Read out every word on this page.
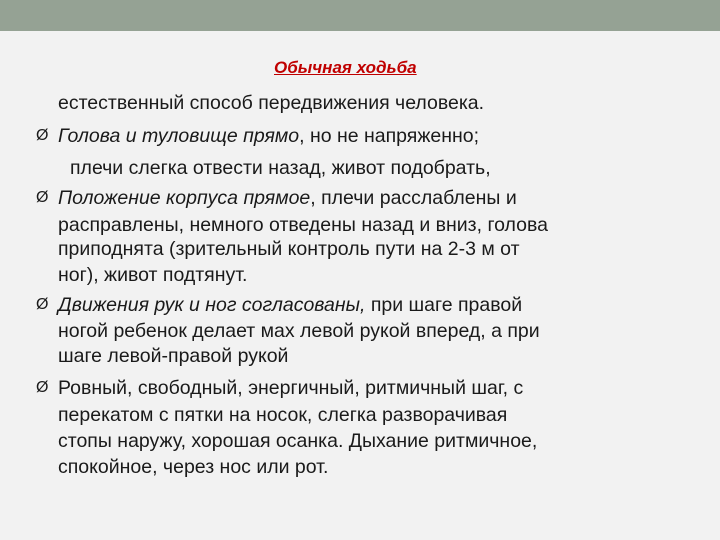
Обычная ходьба
естественный способ передвижения человека.
Ø Голова и туловище прямо, но не напряженно;
плечи слегка отвести назад, живот подобрать,
Ø Положение корпуса прямое, плечи расслаблены и
расправлены, немного отведены назад и вниз, голова
приподнята (зрительный контроль пути на 2-3 м от
ног), живот подтянут.
Ø Движения рук и ног согласованы, при шаге правой
ногой ребенок делает мах левой рукой вперед, а при
шаге левой-правой рукой
Ø Ровный, свободный, энергичный, ритмичный шаг, с
перекатом с пятки на носок, слегка разворачивая
стопы наружу, хорошая осанка. Дыхание ритмичное,
спокойное, через нос или рот.
